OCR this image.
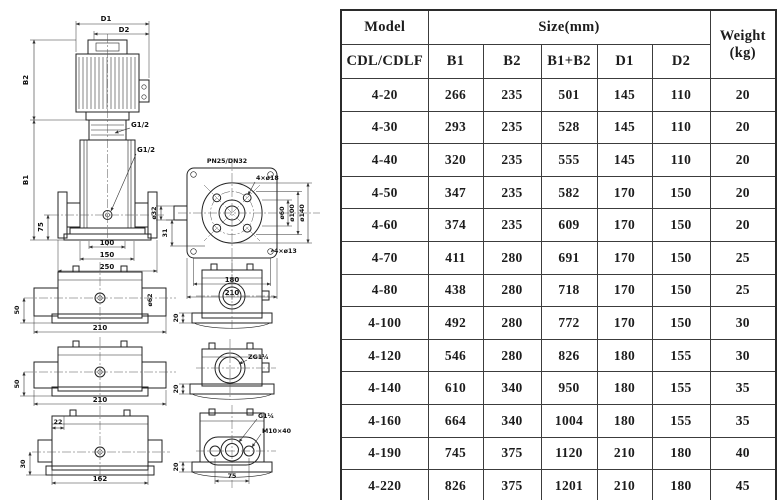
D1
D2
G1/2
G1/2
B2
B1
75
100
150
250
PN25/DN32
4×ø18
4×ø13
ø32
31
ø60 ø100 ø140
180
210
50
ø62
210
50
210
22
30
162
20
ZG1¼
20
G1¼
M10×40
75
20
Model	Size(mm)					Weight
(kg)

CDL/CDLF	B1	B2	B1+B2	D1	D2	
4-20	266	235	501	145	110	20
4-30	293	235	528	145	110	20
4-40	320	235	555	145	110	20
4-50	347	235	582	170	150	20
4-60	374	235	609	170	150	20
4-70	411	280	691	170	150	25
4-80	438	280	718	170	150	25
4-100	492	280	772	170	150	30
4-120	546	280	826	180	155	30
4-140	610	340	950	180	155	35
4-160	664	340	1004	180	155	35
4-190	745	375	1120	210	180	40
4-220	826	375	1201	210	180	45
